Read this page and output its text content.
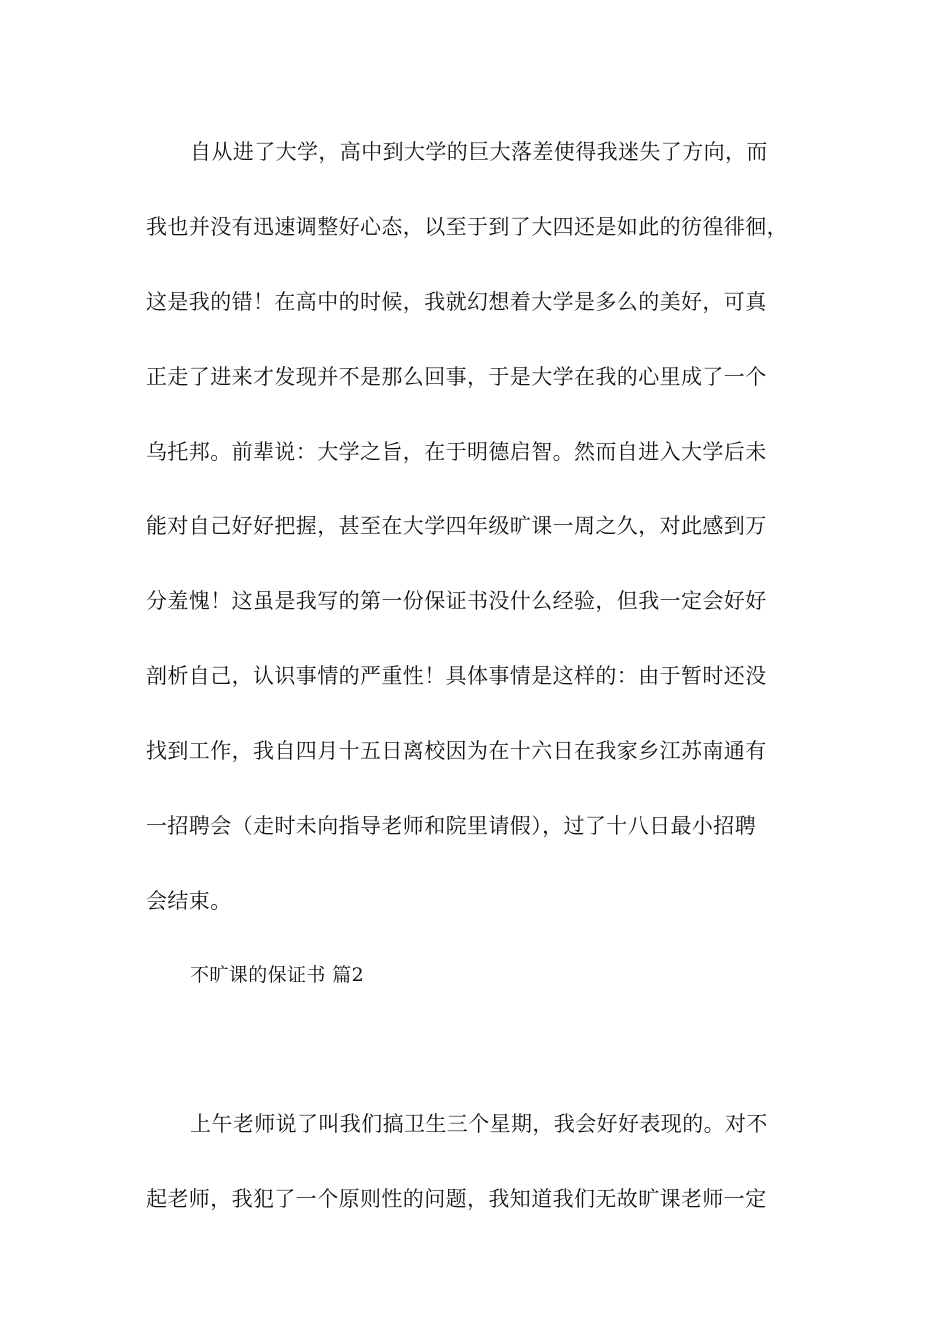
自从进了大学，高中到大学的巨大落差使得我迷失了方向，而
我也并没有迅速调整好心态，以至于到了大四还是如此的彷徨徘徊，
这是我的错！在高中的时候，我就幻想着大学是多么的美好，可真
正走了进来才发现并不是那么回事，于是大学在我的心里成了一个
乌托邦。前辈说：大学之旨，在于明德启智。然而自进入大学后未
能对自己好好把握，甚至在大学四年级旷课一周之久，对此感到万
分羞愧！这虽是我写的第一份保证书没什么经验，但我一定会好好
剖析自己，认识事情的严重性！具体事情是这样的：由于暂时还没
找到工作，我自四月十五日离校因为在十六日在我家乡江苏南通有
一招聘会（走时未向指导老师和院里请假），过了十八日最小招聘
会结束。
不旷课的保证书 篇2
上午老师说了叫我们搞卫生三个星期，我会好好表现的。对不
起老师，我犯了一个原则性的问题，我知道我们无故旷课老师一定
